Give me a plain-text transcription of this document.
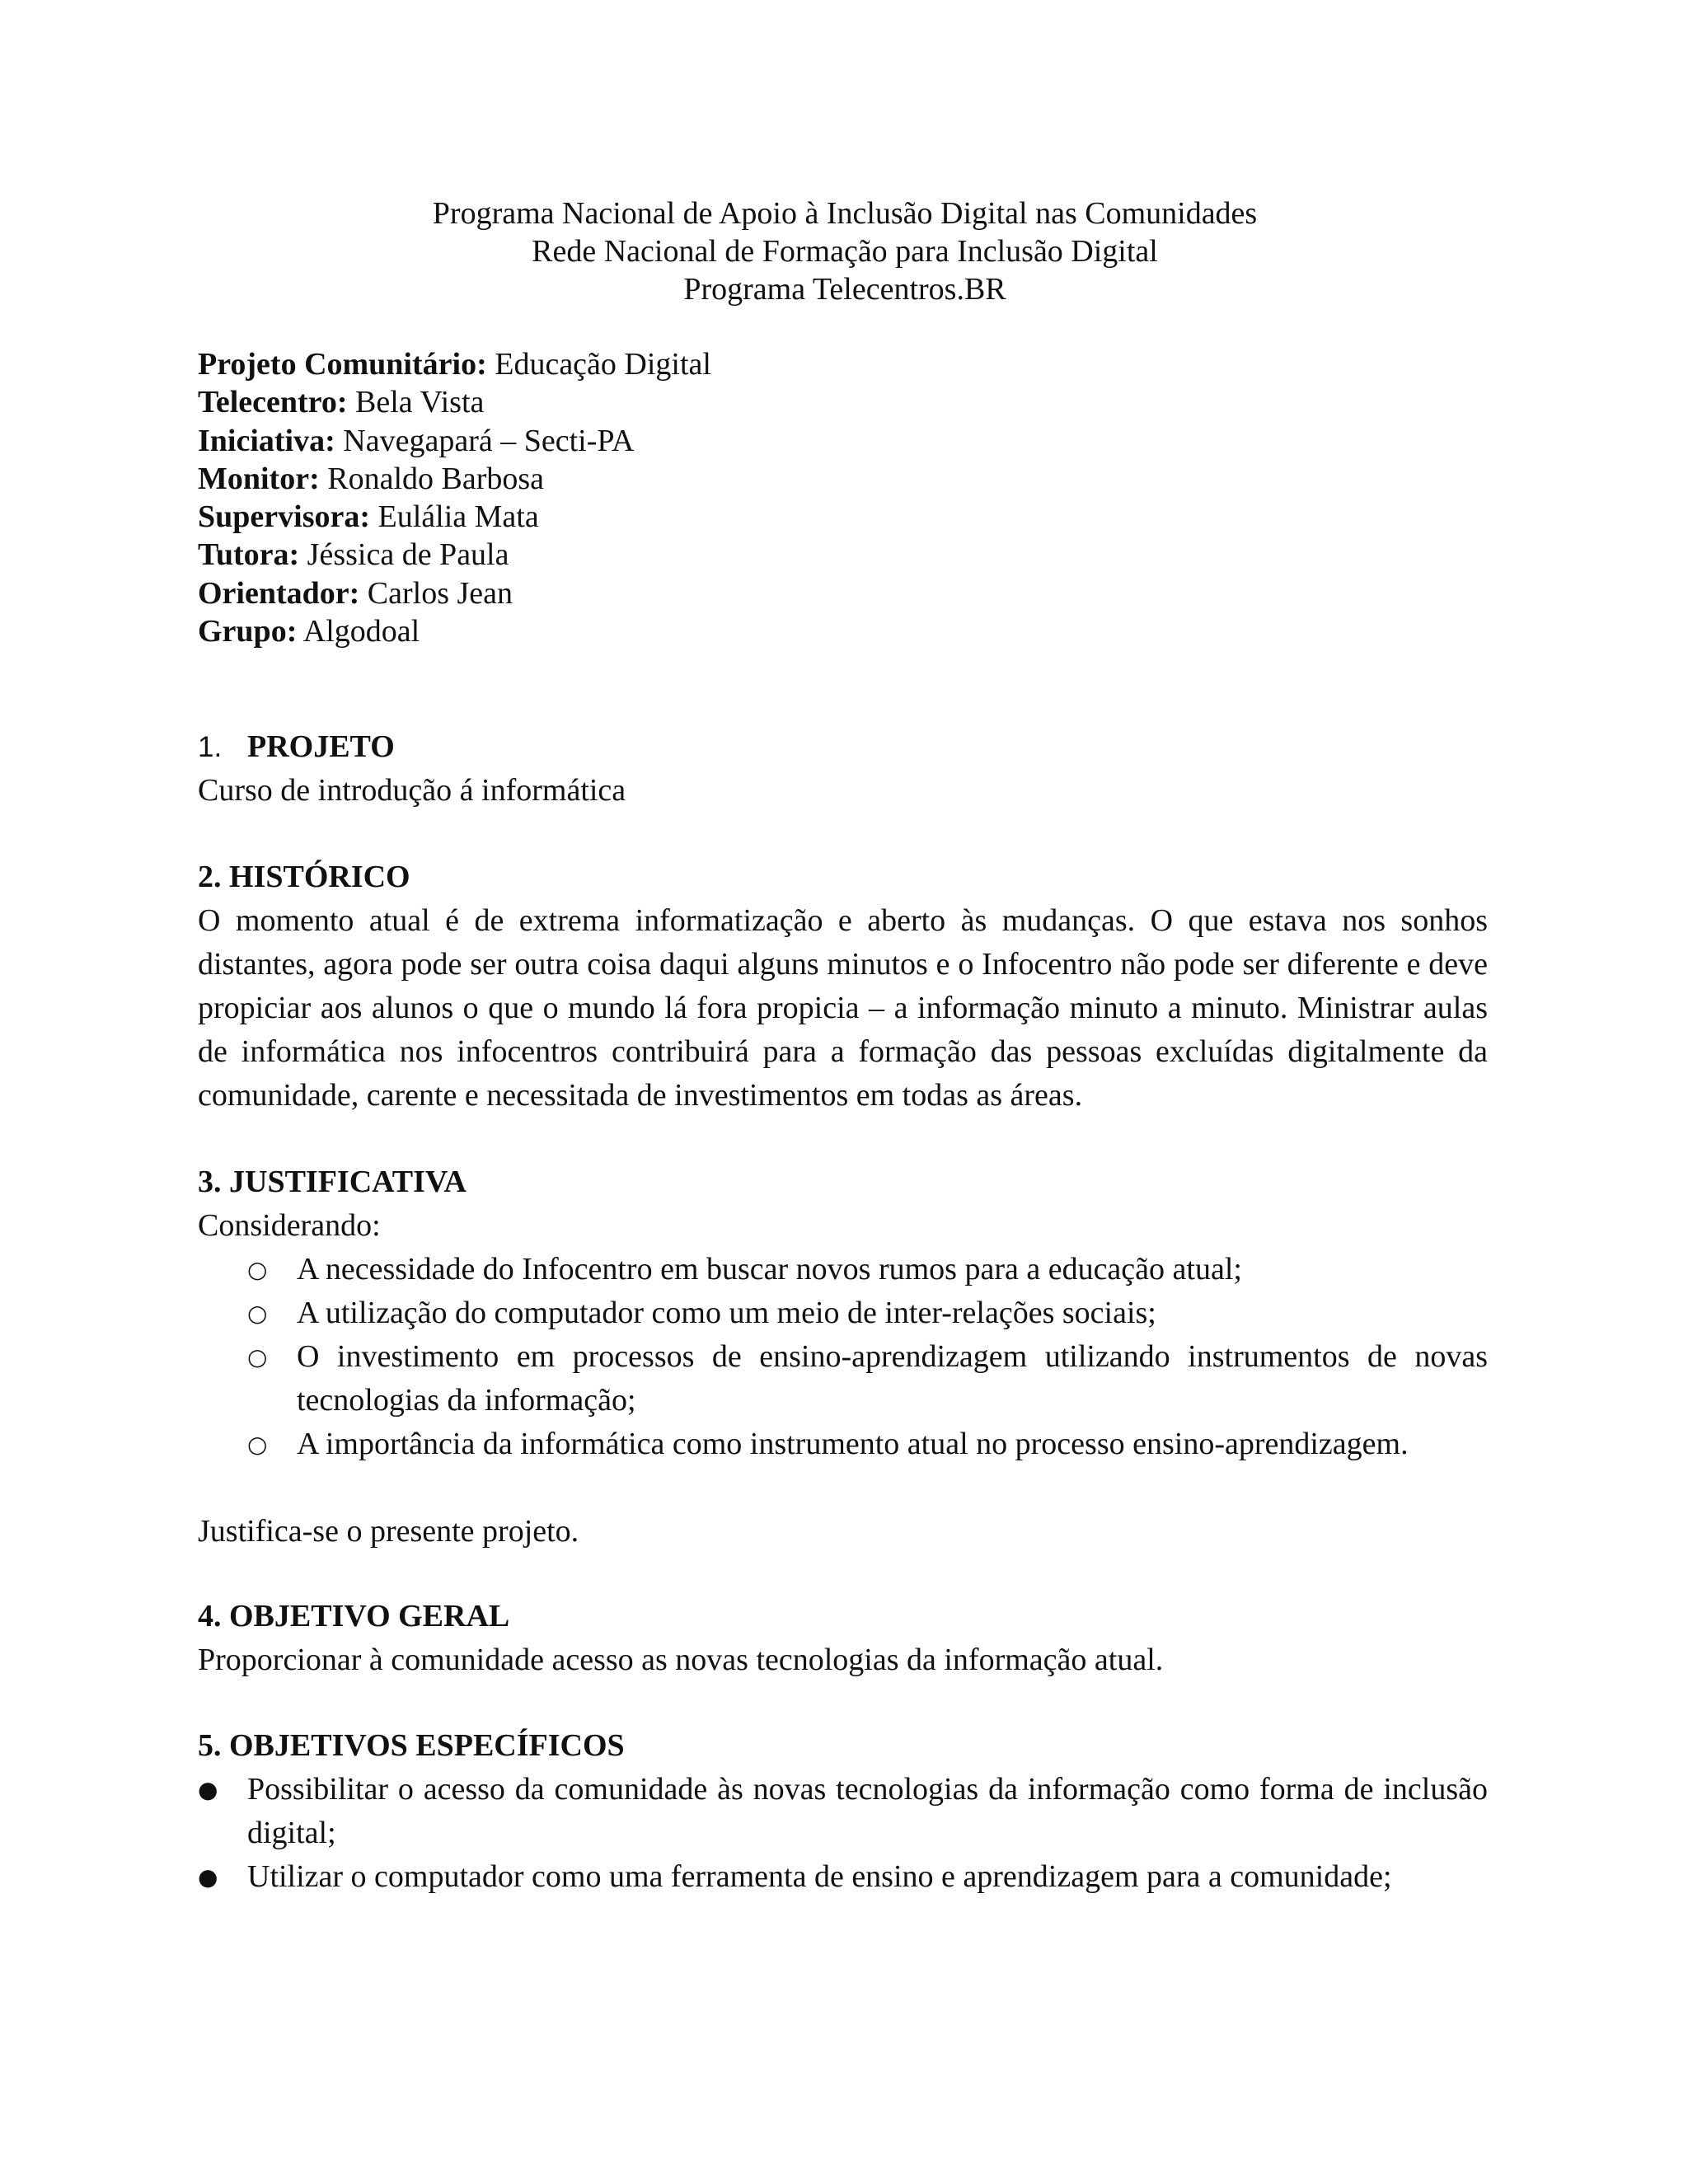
Programa Nacional de Apoio à Inclusão Digital nas Comunidades
Rede Nacional de Formação para Inclusão Digital
Programa Telecentros.BR
Projeto Comunitário: Educação Digital
Telecentro: Bela Vista
Iniciativa: Navegapará – Secti-PA
Monitor: Ronaldo Barbosa
Supervisora: Eulália Mata
Tutora: Jéssica de Paula
Orientador: Carlos Jean
Grupo: Algodoal
1. PROJETO

Curso de introdução á informática

2. HISTÓRICO

O momento atual é de extrema informatização e aberto às mudanças. O que estava nos sonhos distantes, agora pode ser outra coisa daqui alguns minutos e o Infocentro não pode ser diferente e deve propiciar aos alunos o que o mundo lá fora propicia – a informação minuto a minuto. Ministrar aulas de informática nos infocentros contribuirá para a formação das pessoas excluídas digitalmente da comunidade, carente e necessitada de investimentos em todas as áreas.

3. JUSTIFICATIVA

Considerando:

○ A necessidade do Infocentro em buscar novos rumos para a educação atual;
○ A utilização do computador como um meio de inter-relações sociais;
○ O investimento em processos de ensino-aprendizagem utilizando instrumentos de novas tecnologias da informação;
○ A importância da informática como instrumento atual no processo ensino-aprendizagem.

Justifica-se o presente projeto.

4. OBJETIVO GERAL

Proporcionar à comunidade acesso as novas tecnologias da informação atual.

5. OBJETIVOS ESPECÍFICOS
● Possibilitar o acesso da comunidade às novas tecnologias da informação como forma de inclusão digital;
● Utilizar o computador como uma ferramenta de ensino e aprendizagem para a comunidade;
